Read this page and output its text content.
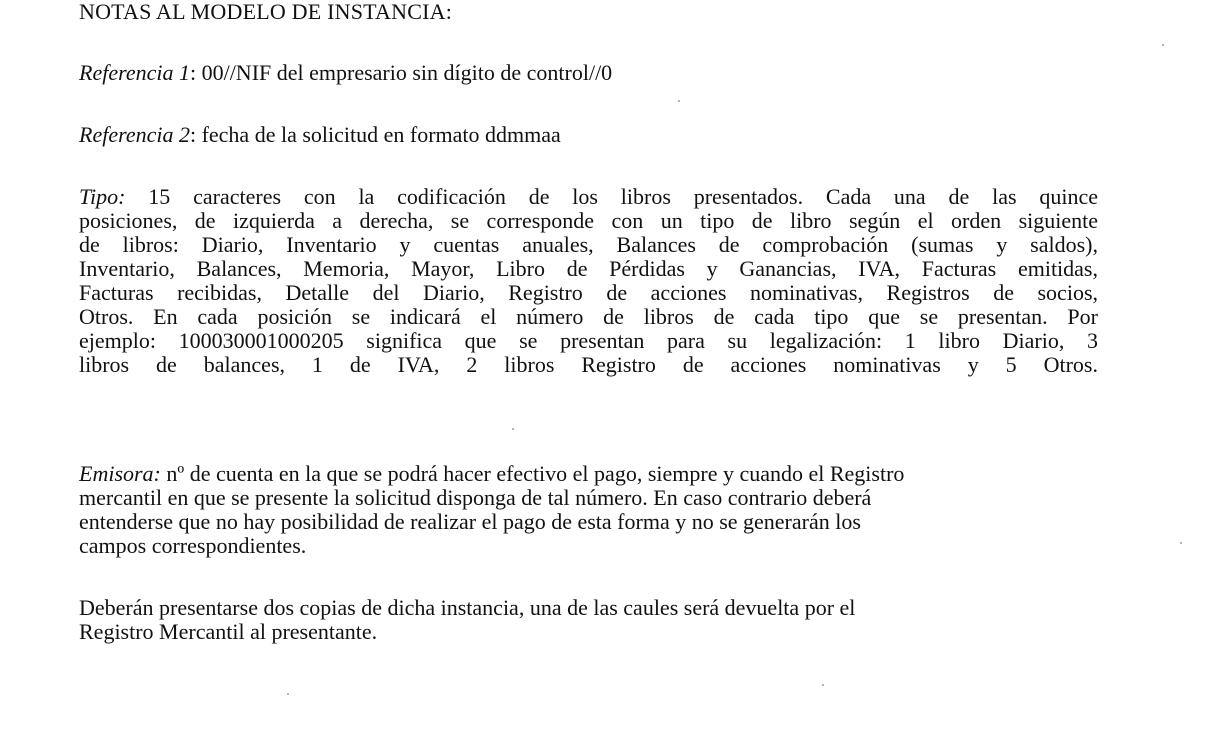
NOTAS AL MODELO DE INSTANCIA:
Referencia 1: 00//NIF del empresario sin dígito de control//0
Referencia 2: fecha de la solicitud en formato ddmmaa
Tipo: 15 caracteres con la codificación de los libros presentados. Cada una de las quince
posiciones, de izquierda a derecha, se corresponde con un tipo de libro según el orden siguiente
de libros: Diario, Inventario y cuentas anuales, Balances de comprobación (sumas y saldos),
Inventario, Balances, Memoria, Mayor, Libro de Pérdidas y Ganancias, IVA, Facturas emitidas,
Facturas recibidas, Detalle del Diario, Registro de acciones nominativas, Registros de socios,
Otros. En cada posición se indicará el número de libros de cada tipo que se presentan. Por
ejemplo: 100030001000205 significa que se presentan para su legalización: 1 libro Diario, 3
libros de balances, 1 de IVA, 2 libros Registro de acciones nominativas y 5 Otros.
Emisora: nº de cuenta en la que se podrá hacer efectivo el pago, siempre y cuando el Registro
mercantil en que se presente la solicitud disponga de tal número. En caso contrario deberá
entenderse que no hay posibilidad de realizar el pago de esta forma y no se generarán los
campos correspondientes.
Deberán presentarse dos copias de dicha instancia, una de las caules será devuelta por el
Registro Mercantil al presentante.
